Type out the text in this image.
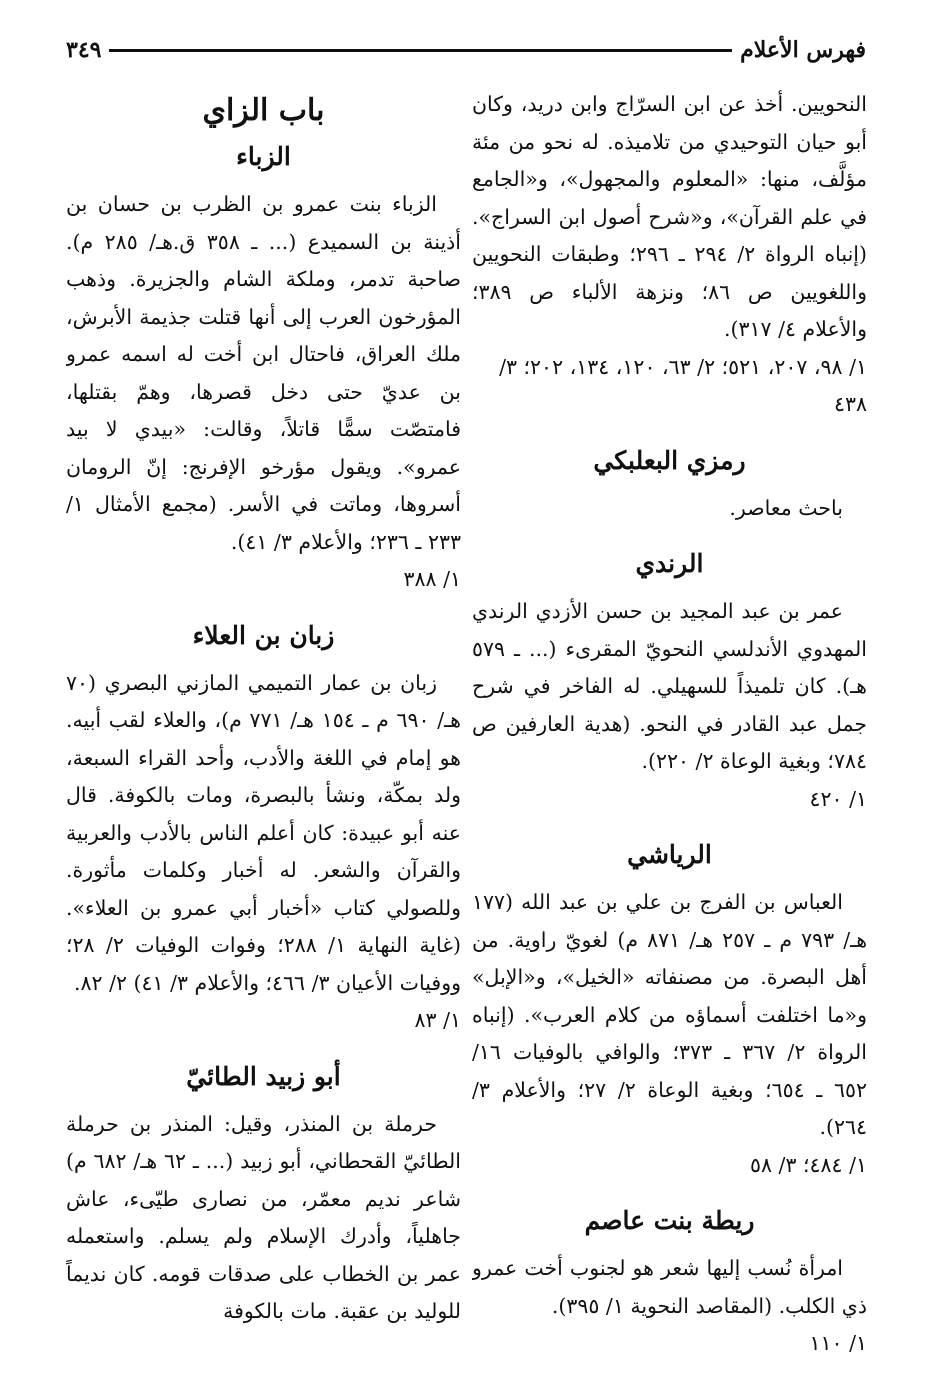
فهرس الأعلام
٣٤٩

النحويين. أخذ عن ابن السرّاج وابن دريد، وكان أبو حيان التوحيدي من تلاميذه. له نحو من مئة مؤلَّف، منها: «المعلوم والمجهول»، و«الجامع في علم القرآن»، و«شرح أصول ابن السراج». (إنباه الرواة ٢/ ٢٩٤ ـ ٢٩٦؛ وطبقات النحويين واللغويين ص ٨٦؛ ونزهة الألباء ص ٣٨٩؛ والأعلام ٤/ ٣١٧).

١/ ٩٨، ٢٠٧، ٥٢١؛ ٢/ ٦٣، ١٢٠، ١٣٤، ٢٠٢؛ ٣/ ٤٣٨

رمزي البعلبكي

باحث معاصر.

الرندي

عمر بن عبد المجيد بن حسن الأزدي الرندي المهدوي الأندلسي النحويّ المقرىء (... ـ ٥٧٩ هـ). كان تلميذاً للسهيلي. له الفاخر في شرح جمل عبد القادر في النحو. (هدية العارفين ص ٧٨٤؛ وبغية الوعاة ٢/ ٢٢٠).

١/ ٤٢٠

الرياشي

العباس بن الفرج بن علي بن عبد الله (١٧٧ هـ/ ٧٩٣ م ـ ٢٥٧ هـ/ ٨٧١ م) لغويّ راوية. من أهل البصرة. من مصنفاته «الخيل»، و«الإبل» و«ما اختلفت أسماؤه من كلام العرب». (إنباه الرواة ٢/ ٣٦٧ ـ ٣٧٣؛ والوافي بالوفيات ١٦/ ٦٥٢ ـ ٦٥٤؛ وبغية الوعاة ٢/ ٢٧؛ والأعلام ٣/ ٢٦٤).

١/ ٤٨٤؛ ٣/ ٥٨

ريطة بنت عاصم

امرأة نُسب إليها شعر هو لجنوب أخت عمرو ذي الكلب. (المقاصد النحوية ١/ ٣٩٥).

١/ ١١٠

باب الزاي
الزباء

الزباء بنت عمرو بن الظرب بن حسان بن أذينة بن السميدع (... ـ ٣٥٨ ق.هـ/ ٢٨٥ م). صاحبة تدمر، وملكة الشام والجزيرة. وذهب المؤرخون العرب إلى أنها قتلت جذيمة الأبرش، ملك العراق، فاحتال ابن أخت له اسمه عمرو بن عديّ حتى دخل قصرها، وهمّ بقتلها، فامتصّت سمًّا قاتلاً، وقالت: «بيدي لا بيد عمرو». ويقول مؤرخو الإفرنج: إنّ الرومان أسروها، وماتت في الأسر. (مجمع الأمثال ١/ ٢٣٣ ـ ٢٣٦؛ والأعلام ٣/ ٤١).

١/ ٣٨٨

زبان بن العلاء

زبان بن عمار التميمي المازني البصري (٧٠ هـ/ ٦٩٠ م ـ ١٥٤ هـ/ ٧٧١ م)، والعلاء لقب أبيه. هو إمام في اللغة والأدب، وأحد القراء السبعة، ولد بمكّة، ونشأ بالبصرة، ومات بالكوفة. قال عنه أبو عبيدة: كان أعلم الناس بالأدب والعربية والقرآن والشعر. له أخبار وكلمات مأثورة. وللصولي كتاب «أخبار أبي عمرو بن العلاء». (غاية النهاية ١/ ٢٨٨؛ وفوات الوفيات ٢/ ٢٨؛ ووفيات الأعيان ٣/ ٤٦٦؛ والأعلام ٣/ ٤١) ٢/ ٨٢.

١/ ٨٣

أبو زبيد الطائيّ

حرملة بن المنذر، وقيل: المنذر بن حرملة الطائيّ القحطاني، أبو زبيد (... ـ ٦٢ هـ/ ٦٨٢ م) شاعر نديم معمّر، من نصارى طيّىء، عاش جاهلياً، وأدرك الإسلام ولم يسلم. واستعمله عمر بن الخطاب على صدقات قومه. كان نديماً للوليد بن عقبة. مات بالكوفة
